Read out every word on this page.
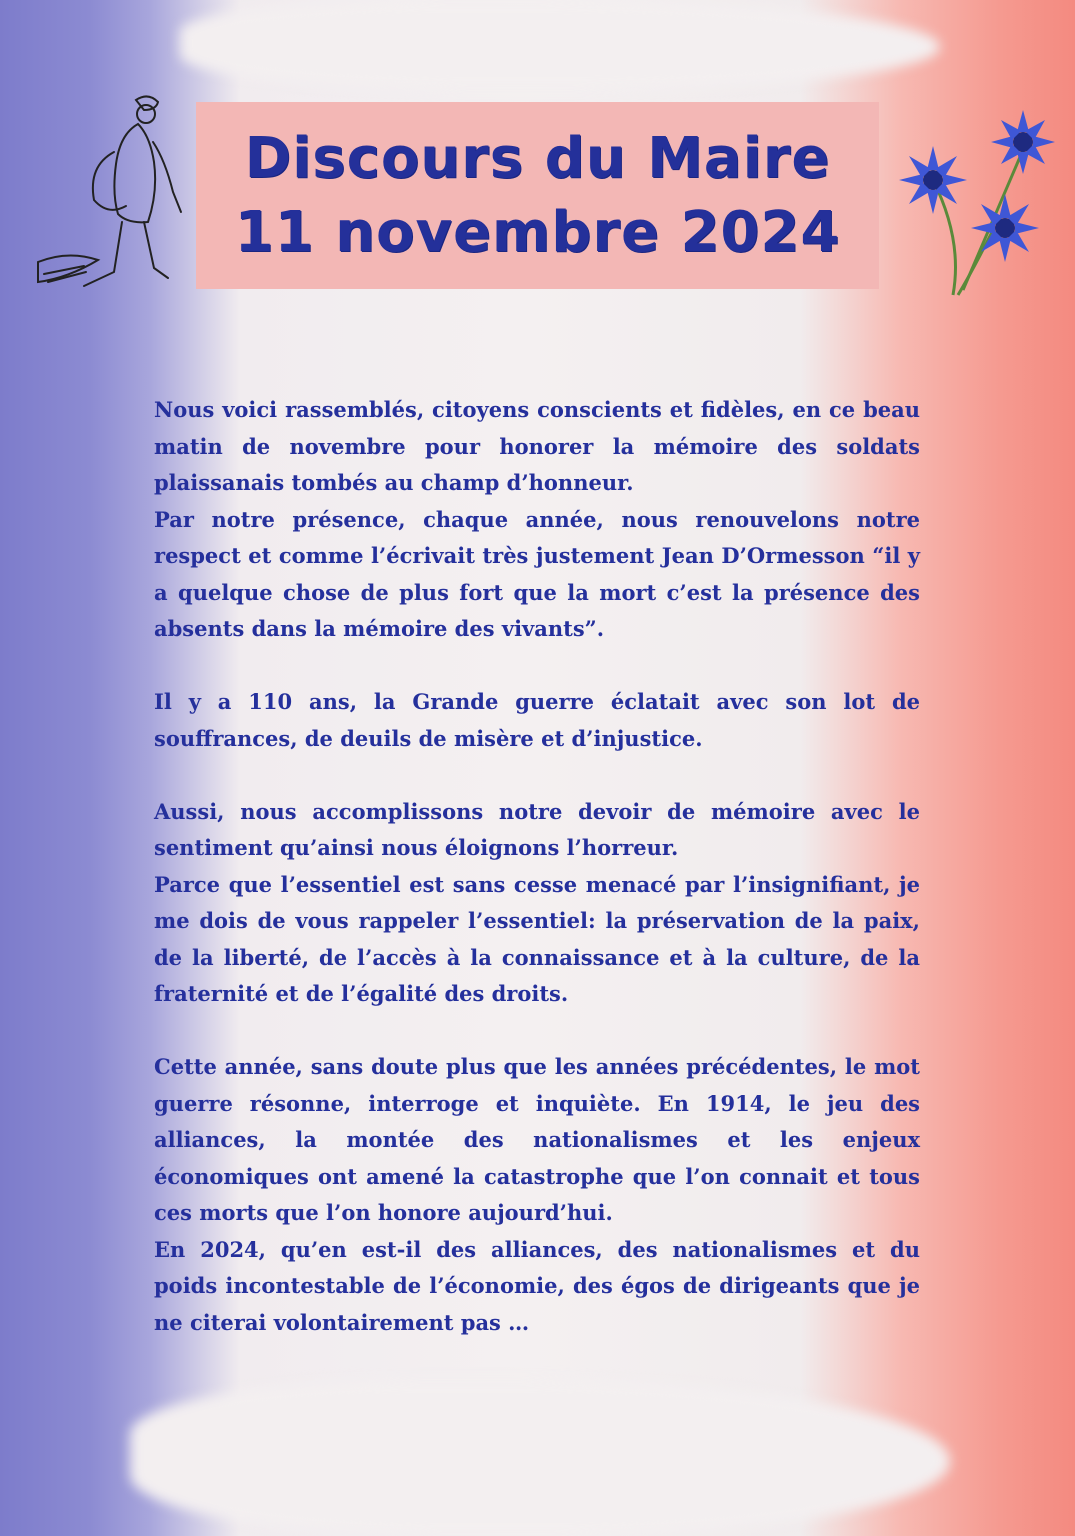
Discours du Maire
11 novembre 2024

Nous voici rassemblés, citoyens conscients et fidèles, en ce beau matin de novembre pour honorer la mémoire des soldats plaissanais tombés au champ d’honneur.

Par notre présence, chaque année, nous renouvelons notre respect et comme l’écrivait très justement Jean D’Ormesson “il y a quelque chose de plus fort que la mort c’est la présence des absents dans la mémoire des vivants”.

Il y a 110 ans, la Grande guerre éclatait avec son lot de souffrances, de deuils de misère et d’injustice.

Aussi, nous accomplissons notre devoir de mémoire avec le sentiment qu’ainsi nous éloignons l’horreur.

Parce que l’essentiel est sans cesse menacé par l’insignifiant, je me dois de vous rappeler l’essentiel: la préservation de la paix, de la liberté, de l’accès à la connaissance et à la culture, de la fraternité et de l’égalité des droits.

Cette année, sans doute plus que les années précédentes, le mot guerre résonne, interroge et inquiète. En 1914, le jeu des alliances, la montée des nationalismes et les enjeux économiques ont amené la catastrophe que l’on connait et tous ces morts que l’on honore aujourd’hui.

En 2024, qu’en est-il des alliances, des nationalismes et du poids incontestable de l’économie, des égos de dirigeants que je ne citerai volontairement pas …
